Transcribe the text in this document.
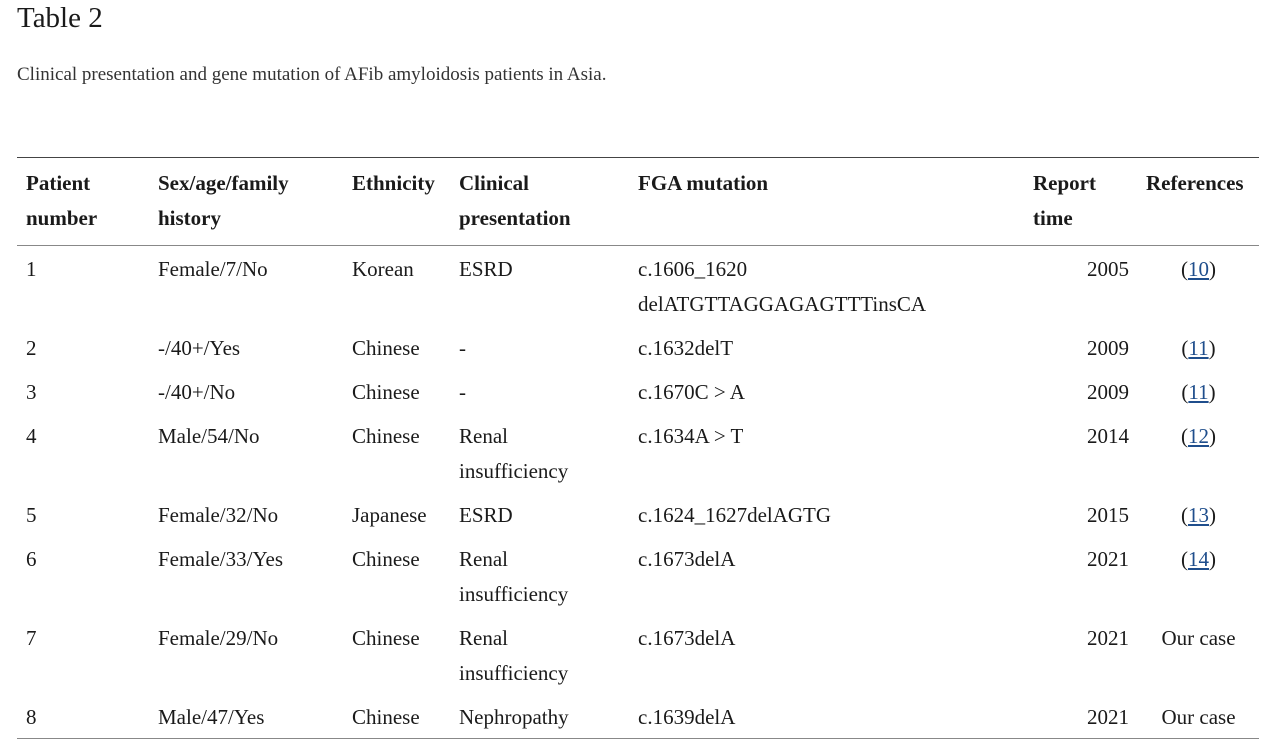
Table 2

Clinical presentation and gene mutation of AFib amyloidosis patients in Asia.

Patient number	Sex/age/family history	Ethnicity	Clinical presentation	FGA mutation	Report time	References
1	Female/7/No	Korean	ESRD	c.1606_1620 delATGTTAGGAGAGTTTinsCA	2005	(10)
2	-/40+/Yes	Chinese	-	c.1632delT	2009	(11)
3	-/40+/No	Chinese	-	c.1670C > A	2009	(11)
4	Male/54/No	Chinese	Renal insufficiency	c.1634A > T	2014	(12)
5	Female/32/No	Japanese	ESRD	c.1624_1627delAGTG	2015	(13)
6	Female/33/Yes	Chinese	Renal insufficiency	c.1673delA	2021	(14)
7	Female/29/No	Chinese	Renal insufficiency	c.1673delA	2021	Our case
8	Male/47/Yes	Chinese	Nephropathy	c.1639delA	2021	Our case
